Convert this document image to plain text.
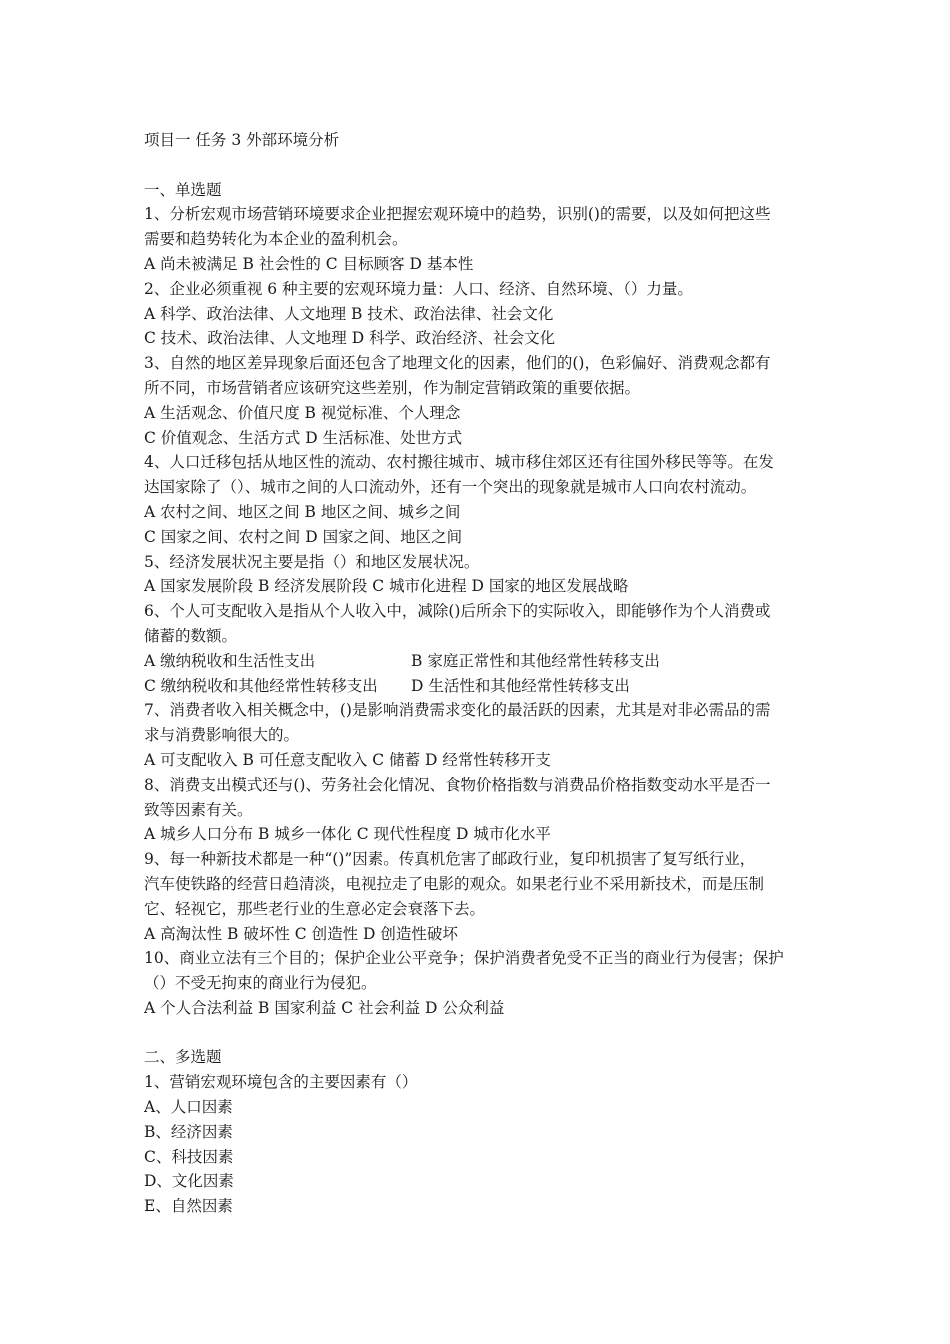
项目一 任务 3 外部环境分析
一、单选题
1、分析宏观市场营销环境要求企业把握宏观环境中的趋势，识别()的需要，以及如何把这些
需要和趋势转化为本企业的盈利机会。
A 尚未被满足 B 社会性的 C 目标顾客 D 基本性
2、企业必须重视 6 种主要的宏观环境力量：人口、经济、自然环境、（）力量。
A 科学、政治法律、人文地理 B 技术、政治法律、社会文化
C 技术、政治法律、人文地理 D 科学、政治经济、社会文化
3、自然的地区差异现象后面还包含了地理文化的因素，他们的()，色彩偏好、消费观念都有
所不同，市场营销者应该研究这些差别，作为制定营销政策的重要依据。
A 生活观念、价值尺度 B 视觉标准、个人理念
C 价值观念、生活方式 D 生活标准、处世方式
4、人口迁移包括从地区性的流动、农村搬往城市、城市移住郊区还有往国外移民等等。在发
达国家除了（）、城市之间的人口流动外，还有一个突出的现象就是城市人口向农村流动。
A 农村之间、地区之间 B 地区之间、城乡之间
C 国家之间、农村之间 D 国家之间、地区之间
5、经济发展状况主要是指（）和地区发展状况。
A 国家发展阶段 B 经济发展阶段 C 城市化进程 D 国家的地区发展战略
6、个人可支配收入是指从个人收入中，减除()后所余下的实际收入，即能够作为个人消费或
储蓄的数额。
A 缴纳税收和生活性支出	B 家庭正常性和其他经常性转移支出
C 缴纳税收和其他经常性转移支出	D 生活性和其他经常性转移支出
7、消费者收入相关概念中，()是影响消费需求变化的最活跃的因素，尤其是对非必需品的需
求与消费影响很大的。
A 可支配收入 B 可任意支配收入 C 储蓄 D 经常性转移开支
8、消费支出模式还与()、劳务社会化情况、食物价格指数与消费品价格指数变动水平是否一
致等因素有关。
A 城乡人口分布 B 城乡一体化 C 现代性程度 D 城市化水平
9、每一种新技术都是一种“()”因素。传真机危害了邮政行业，复印机损害了复写纸行业，
汽车使铁路的经营日趋清淡，电视拉走了电影的观众。如果老行业不采用新技术，而是压制
它、轻视它，那些老行业的生意必定会衰落下去。
A 高淘汰性 B 破坏性 C 创造性 D 创造性破坏
10、商业立法有三个目的；保护企业公平竞争；保护消费者免受不正当的商业行为侵害；保护
（）不受无拘束的商业行为侵犯。
A 个人合法利益 B 国家利益 C 社会利益 D 公众利益
二、多选题
1、营销宏观环境包含的主要因素有（）
A、人口因素
B、经济因素
C、科技因素
D、文化因素
E、自然因素
